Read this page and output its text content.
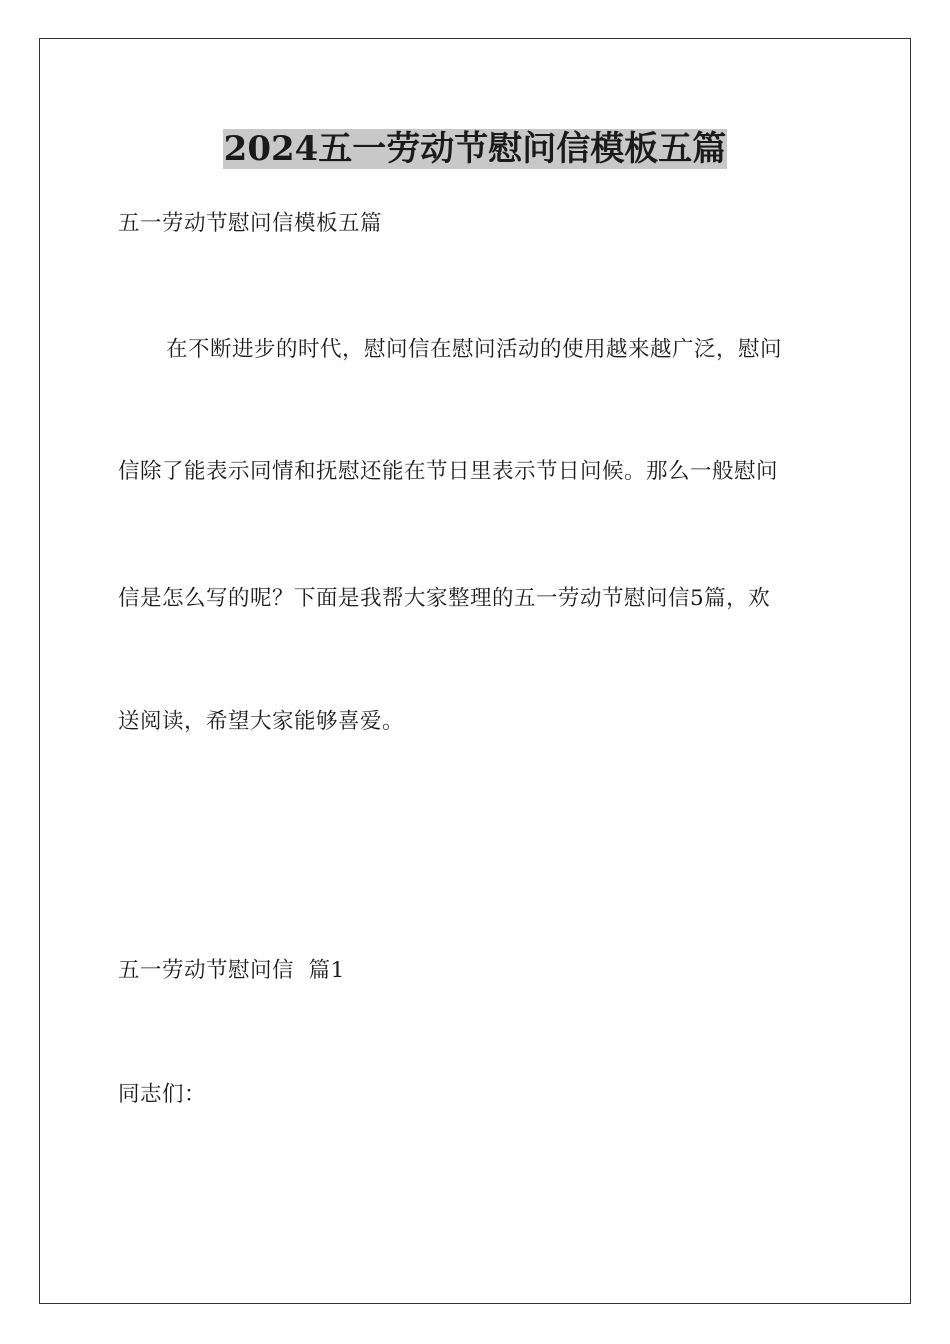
2024五一劳动节慰问信模板五篇
五一劳动节慰问信模板五篇
在不断进步的时代，慰问信在慰问活动的使用越来越广泛，慰问
信除了能表示同情和抚慰还能在节日里表示节日问候。那么一般慰问
信是怎么写的呢？下面是我帮大家整理的五一劳动节慰问信5篇，欢
送阅读，希望大家能够喜爱。
五一劳动节慰问信  篇1
同志们：
